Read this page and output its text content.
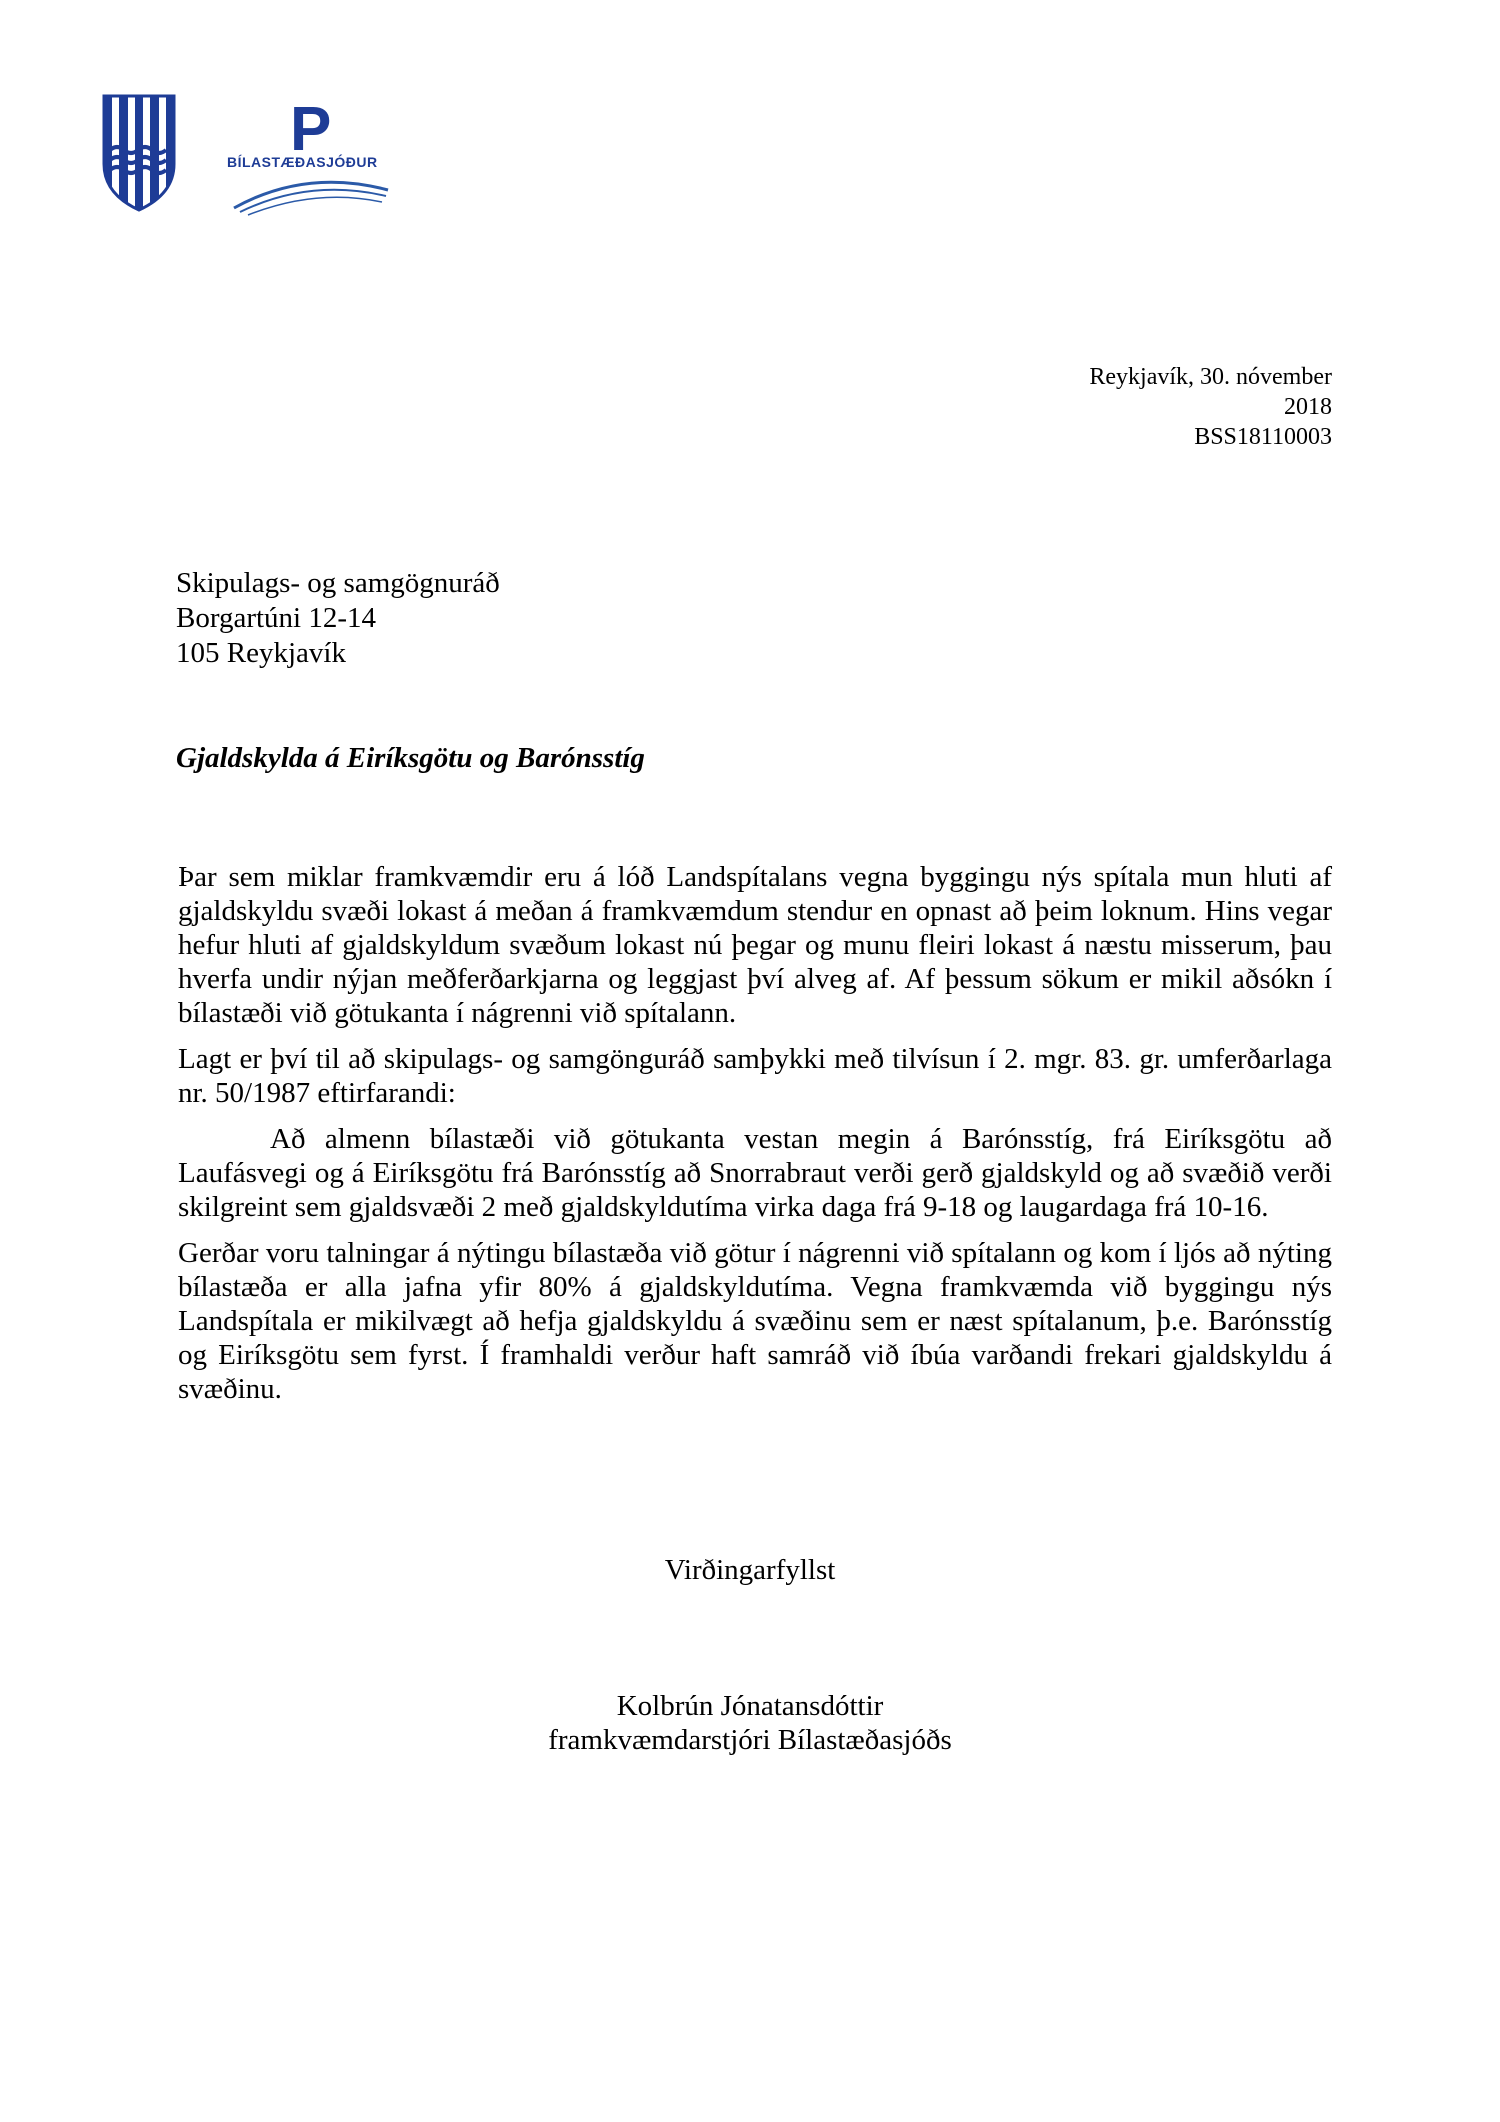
P
BÍLASTÆÐASJÓÐUR
Reykjavík, 30. nóvember
2018
BSS18110003
Skipulags- og samgögnuráð
Borgartúni 12-14
105 Reykjavík
Gjaldskylda á Eiríksgötu og Barónsstíg

Þar sem miklar framkvæmdir eru á lóð Landspítalans vegna byggingu nýs spítala mun hluti af gjaldskyldu svæði lokast á meðan á framkvæmdum stendur en opnast að þeim loknum. Hins vegar hefur hluti af gjaldskyldum svæðum lokast nú þegar og munu fleiri lokast á næstu misserum, þau hverfa undir nýjan meðferðarkjarna og leggjast því alveg af. Af þessum sökum er mikil aðsókn í bílastæði við götukanta í nágrenni við spítalann.

Lagt er því til að skipulags- og samgönguráð samþykki með tilvísun í 2. mgr. 83. gr. umferðarlaga nr. 50/1987 eftirfarandi:

Að almenn bílastæði við götukanta vestan megin á Barónsstíg, frá Eiríksgötu að Laufásvegi og á Eiríksgötu frá Barónsstíg að Snorrabraut verði gerð gjaldskyld og að svæðið verði skilgreint sem gjaldsvæði 2 með gjaldskyldutíma virka daga frá 9-18 og laugardaga frá 10-16.

Gerðar voru talningar á nýtingu bílastæða við götur í nágrenni við spítalann og kom í ljós að nýting bílastæða er alla jafna yfir 80% á gjaldskyldutíma. Vegna framkvæmda við byggingu nýs Landspítala er mikilvægt að hefja gjaldskyldu á svæðinu sem er næst spítalanum, þ.e. Barónsstíg og Eiríksgötu sem fyrst. Í framhaldi verður haft samráð við íbúa varðandi frekari gjaldskyldu á svæðinu.

Virðingarfyllst
Kolbrún Jónatansdóttir
framkvæmdarstjóri Bílastæðasjóðs
